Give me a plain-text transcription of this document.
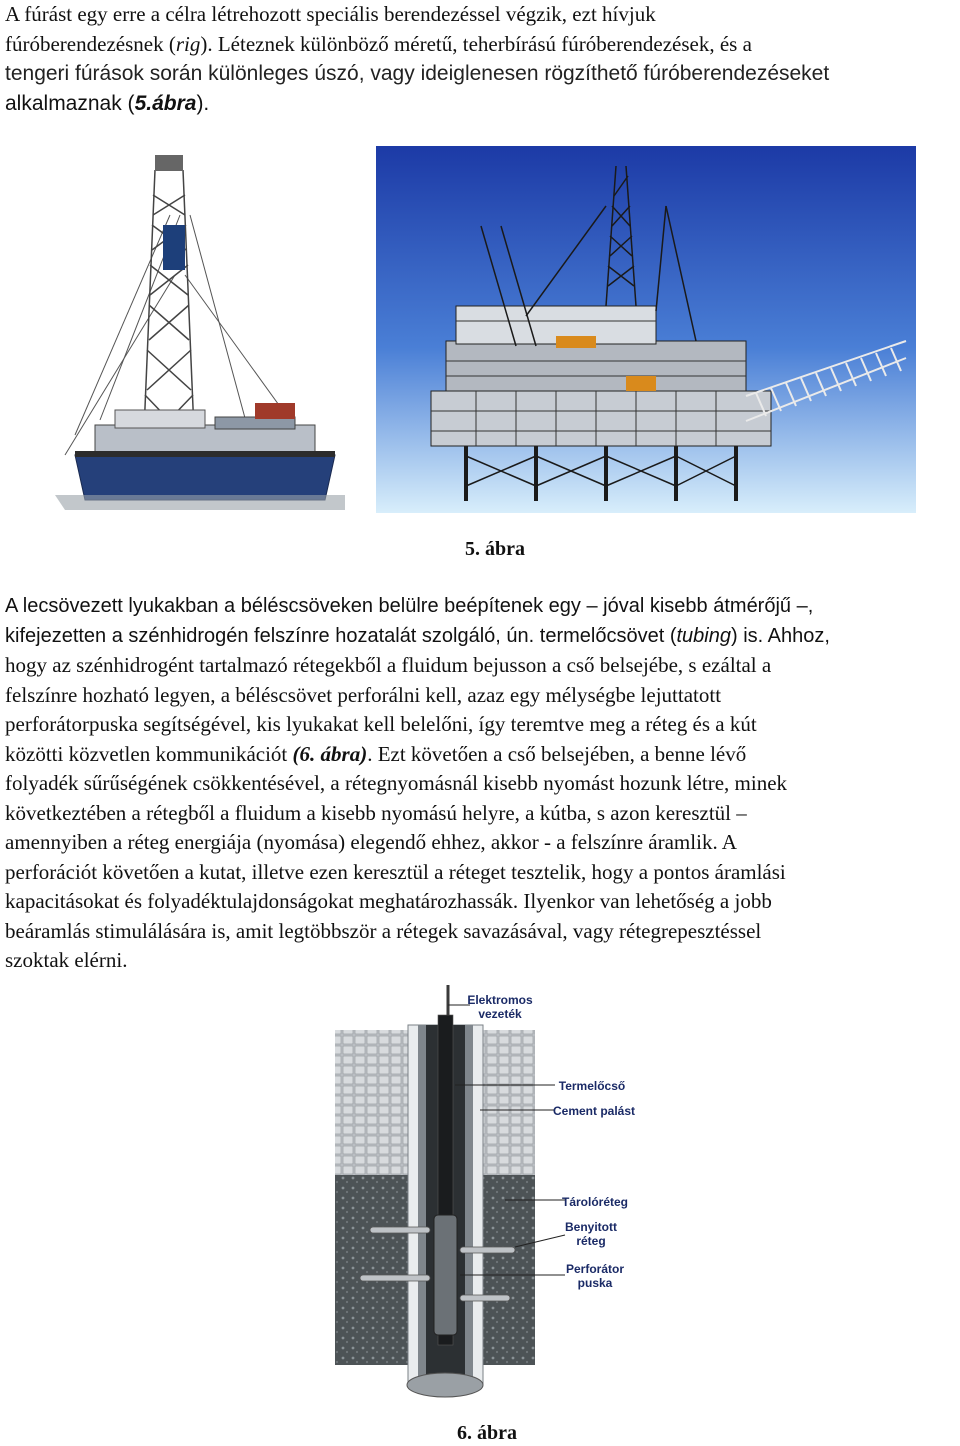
A fúrást egy erre a célra létrehozott speciális berendezéssel végzik, ezt hívjuk
fúróberendezésnek (rig). Léteznek különböző méretű, teherbírású fúróberendezések, és a
tengeri fúrások során különleges úszó, vagy ideiglenesen rögzíthető fúróberendezéseket
alkalmaznak (5.ábra).
5. ábra
A lecsövezett lyukakban a béléscsöveken belülre beépítenek egy – jóval kisebb átmérőjű –,
kifejezetten a szénhidrogén felszínre hozatalát szolgáló, ún. termelőcsövet (tubing) is. Ahhoz,
hogy az szénhidrogént tartalmazó rétegekből a fluidum bejusson a cső belsejébe, s ezáltal a
felszínre hozható legyen, a béléscsövet perforálni kell, azaz egy mélységbe lejuttatott
perforátorpuska segítségével, kis lyukakat kell belelőni, így teremtve meg a réteg és a kút
közötti közvetlen kommunikációt (6. ábra). Ezt követően a cső belsejében, a benne lévő
folyadék sűrűségének csökkentésével, a rétegnyomásnál kisebb nyomást hozunk létre, minek
következtében a rétegből a fluidum a kisebb nyomású helyre, a kútba, s azon keresztül –
amennyiben a réteg energiája (nyomása) elegendő ehhez, akkor - a felszínre áramlik. A
perforációt követően a kutat, illetve ezen keresztül a réteget tesztelik, hogy a pontos áramlási
kapacitásokat és folyadéktulajdonságokat meghatározhassák. Ilyenkor van lehetőség a jobb
beáramlás stimulálására is, amit legtöbbször a rétegek savazásával, vagy rétegrepesztéssel
szoktak elérni.
Elektromos
vezeték
Termelőcső
Cement palást
Tárolóréteg
Benyitott
réteg
Perforátor
puska
6. ábra
